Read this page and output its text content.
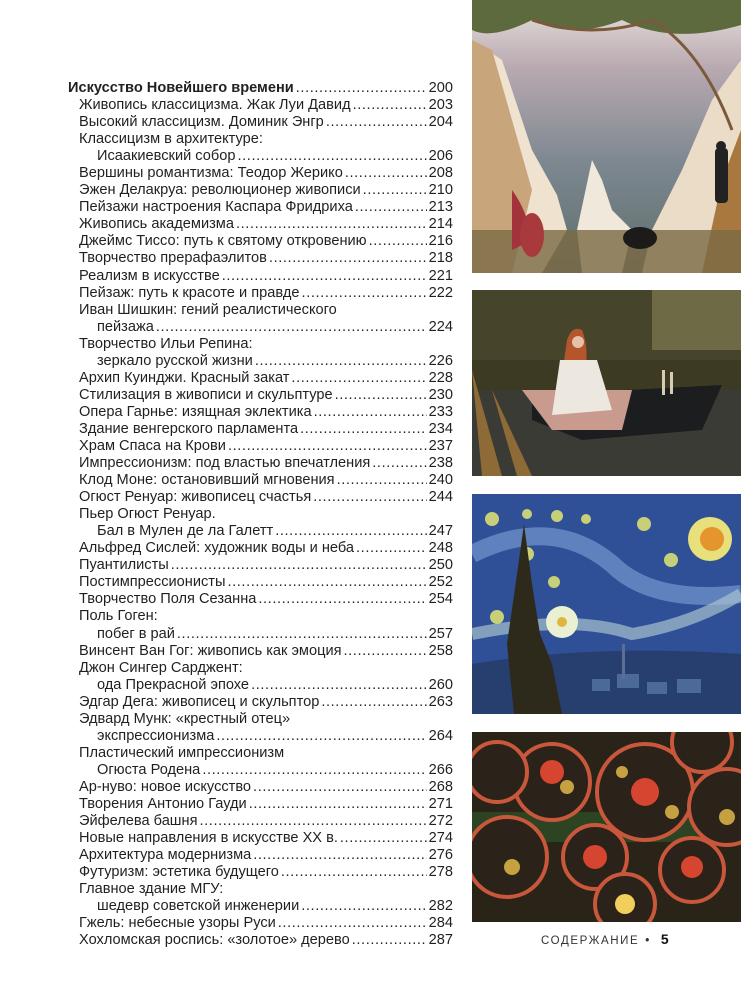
Искусство Новейшего времени .....	200
Живопись классицизма. Жак Луи Давид .....	203
Высокий классицизм. Доминик Энгр .....	204
Классицизм в архитектуре:
Исаакиевский собор .....	206
Вершины романтизма: Теодор Жерико .....	208
Эжен Делакруа: революционер живописи .....	210
Пейзажи настроения Каспара Фридриха .....	213
Живопись академизма .....	214
Джеймс Тиссо: путь к святому откровению .....	216
Творчество прерафаэлитов .....	218
Реализм в искусстве .....	221
Пейзаж: путь к красоте и правде .....	222
Иван Шишкин: гений реалистического
пейзажа .....	224
Творчество Ильи Репина:
зеркало русской жизни .....	226
Архип Куинджи. Красный закат .....	228
Стилизация в живописи и скульптуре .....	230
Опера Гарнье: изящная эклектика .....	233
Здание венгерского парламента .....	234
Храм Спаса на Крови .....	237
Импрессионизм: под властью впечатления .....	238
Клод Моне: остановивший мгновения .....	240
Огюст Ренуар: живописец счастья .....	244
Пьер Огюст Ренуар.
Бал в Мулен де ла Галетт .....	247
Альфред Сислей: художник воды и неба .....	248
Пуантилисты .....	250
Постимпрессионисты .....	252
Творчество Поля Сезанна .....	254
Поль Гоген:
побег в рай .....	257
Винсент Ван Гог: живопись как эмоция .....	258
Джон Сингер Сарджент:
ода Прекрасной эпохе .....	260
Эдгар Дега: живописец и скульптор .....	263
Эдвард Мунк: «крестный отец»
экспрессионизма .....	264
Пластический импрессионизм
Огюста Родена .....	266
Ар-нуво: новое искусство .....	268
Творения Антонио Гауди .....	271
Эйфелева башня .....	272
Новые направления в искусстве XX в. .....	274
Архитектура модернизма .....	276
Футуризм: эстетика будущего .....	278
Главное здание МГУ:
шедевр советской инженерии .....	282
Гжель: небесные узоры Руси .....	284
Хохломская роспись: «золотое» дерево .....	287	СОДЕРЖАНИЕ • 5
